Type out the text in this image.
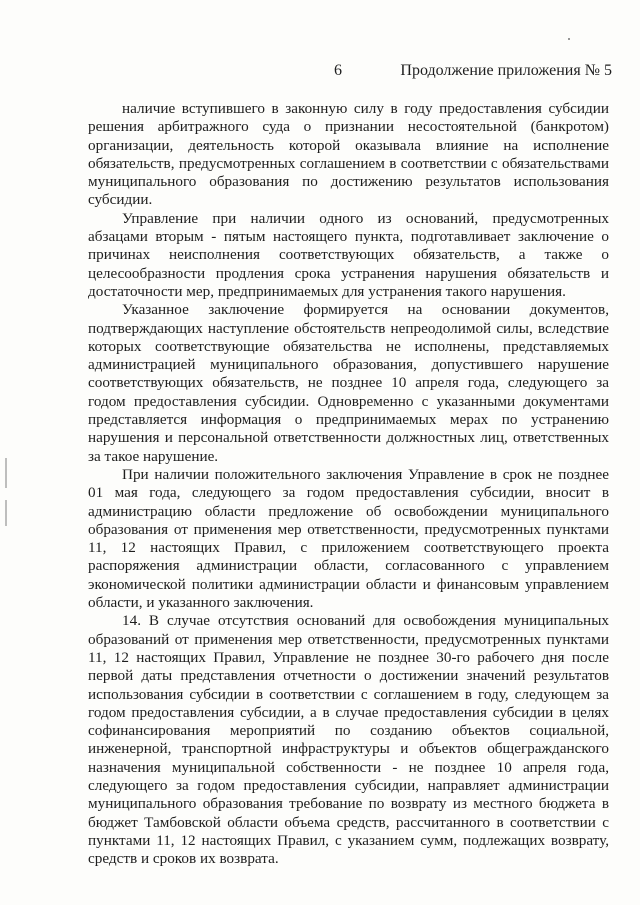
6	Продолжение приложения № 5

наличие вступившего в законную силу в году предоставления субсидии решения арбитражного суда о признании несостоятельной (банкротом) организации, деятельность которой оказывала влияние на исполнение обязательств, предусмотренных соглашением в соответствии с обязательствами муниципального образования по достижению результатов использования субсидии.

Управление при наличии одного из оснований, предусмотренных абзацами вторым - пятым настоящего пункта, подготавливает заключение о причинах неисполнения соответствующих обязательств, а также о целесообразности продления срока устранения нарушения обязательств и достаточности мер, предпринимаемых для устранения такого нарушения.

Указанное заключение формируется на основании документов, подтверждающих наступление обстоятельств непреодолимой силы, вследствие которых соответствующие обязательства не исполнены, представляемых администрацией муниципального образования, допустившего нарушение соответствующих обязательств, не позднее 10 апреля года, следующего за годом предоставления субсидии. Одновременно с указанными документами представляется информация о предпринимаемых мерах по устранению нарушения и персональной ответственности должностных лиц, ответственных за такое нарушение.

При наличии положительного заключения Управление в срок не позднее 01 мая года, следующего за годом предоставления субсидии, вносит в администрацию области предложение об освобождении муниципального образования от применения мер ответственности, предусмотренных пунктами 11, 12 настоящих Правил, с приложением соответствующего проекта распоряжения администрации области, согласованного с управлением экономической политики администрации области и финансовым управлением области, и указанного заключения.

14. В случае отсутствия оснований для освобождения муниципальных образований от применения мер ответственности, предусмотренных пунктами 11, 12 настоящих Правил, Управление не позднее 30-го рабочего дня после первой даты представления отчетности о достижении значений результатов использования субсидии в соответствии с соглашением в году, следующем за годом предоставления субсидии, а в случае предоставления субсидии в целях софинансирования мероприятий по созданию объектов социальной, инженерной, транспортной инфраструктуры и объектов общегражданского назначения муниципальной собственности - не позднее 10 апреля года, следующего за годом предоставления субсидии, направляет администрации муниципального образования требование по возврату из местного бюджета в бюджет Тамбовской области объема средств, рассчитанного в соответствии с пунктами 11, 12 настоящих Правил, с указанием сумм, подлежащих возврату, средств и сроков их возврата.
